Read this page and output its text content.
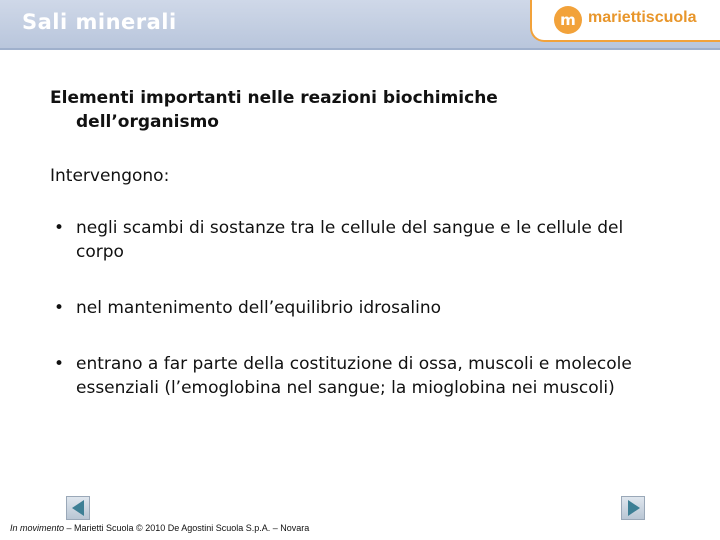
Sali minerali	m mariettiscuola

Elementi importanti nelle reazioni biochimiche
dell’organismo

Intervengono:

• negli scambi di sostanze tra le cellule del sangue e le cellule del corpo
• nel mantenimento dell’equilibrio idrosalino
• entrano a far parte della costituzione di ossa, muscoli e molecole essenziali (l’emoglobina nel sangue; la mioglobina nei muscoli)
In movimento – Marietti Scuola © 2010 De Agostini Scuola S.p.A. – Novara
